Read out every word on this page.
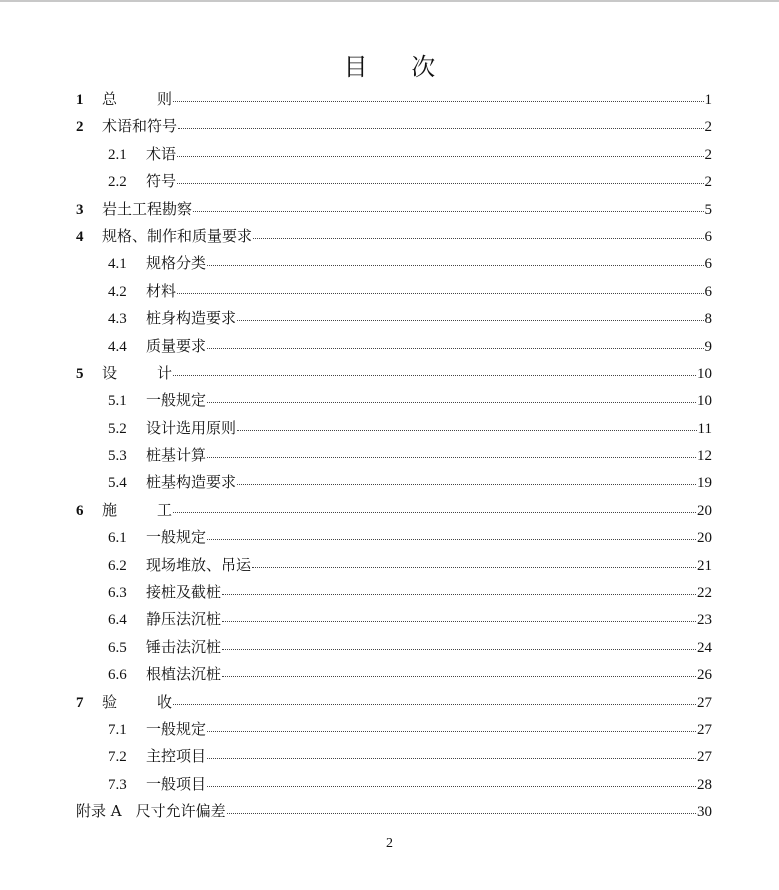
目 次
1	总则	1
2	术语和符号	2
2.1	术语	2
2.2	符号	2
3	岩土工程勘察	5
4	规格、制作和质量要求	6
4.1	规格分类	6
4.2	材料	6
4.3	桩身构造要求	8
4.4	质量要求	9
5	设计	10
5.1	一般规定	10
5.2	设计选用原则	11
5.3	桩基计算	12
5.4	桩基构造要求	19
6	施工	20
6.1	一般规定	20
6.2	现场堆放、吊运	21
6.3	接桩及截桩	22
6.4	静压法沉桩	23
6.5	锤击法沉桩	24
6.6	根植法沉桩	26
7	验收	27
7.1	一般规定	27
7.2	主控项目	27
7.3	一般项目	28
附录 A 尺寸允许偏差	30
2
